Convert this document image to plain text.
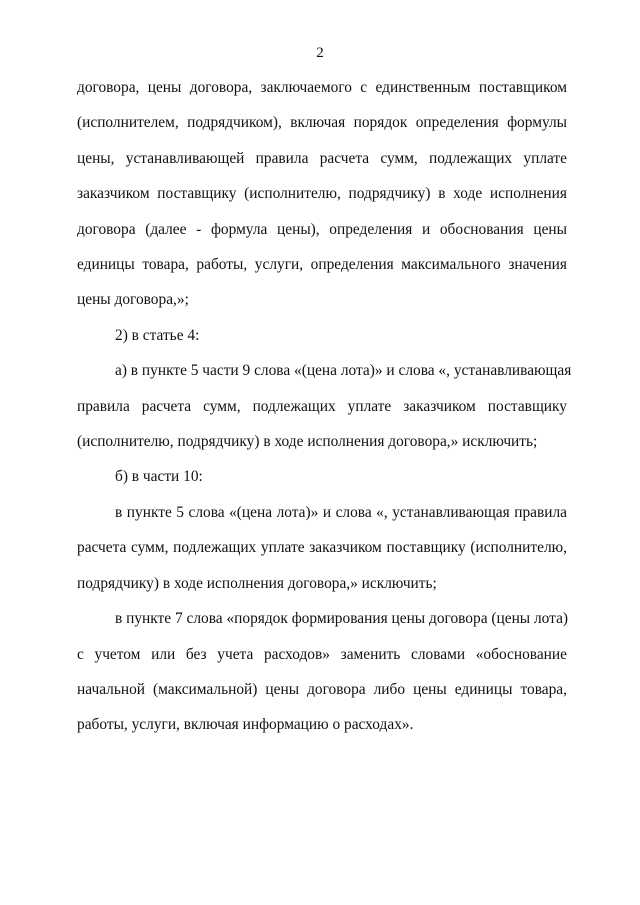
2

договора, цены договора, заключаемого с единственным поставщиком
(исполнителем, подрядчиком), включая порядок определения формулы
цены, устанавливающей правила расчета сумм, подлежащих уплате
заказчиком поставщику (исполнителю, подрядчику) в ходе исполнения
договора (далее - формула цены), определения и обоснования цены
единицы товара, работы, услуги, определения максимального значения
цены договора,»;

2) в статье 4:

а) в пункте 5 части 9 слова «(цена лота)» и слова «, устанавливающая
правила расчета сумм, подлежащих уплате заказчиком поставщику
(исполнителю, подрядчику) в ходе исполнения договора,» исключить;

б) в части 10:

в пункте 5 слова «(цена лота)» и слова «, устанавливающая правила
расчета сумм, подлежащих уплате заказчиком поставщику (исполнителю,
подрядчику) в ходе исполнения договора,» исключить;

в пункте 7 слова «порядок формирования цены договора (цены лота)
с учетом или без учета расходов» заменить словами «обоснование
начальной (максимальной) цены договора либо цены единицы товара,
работы, услуги, включая информацию о расходах».
